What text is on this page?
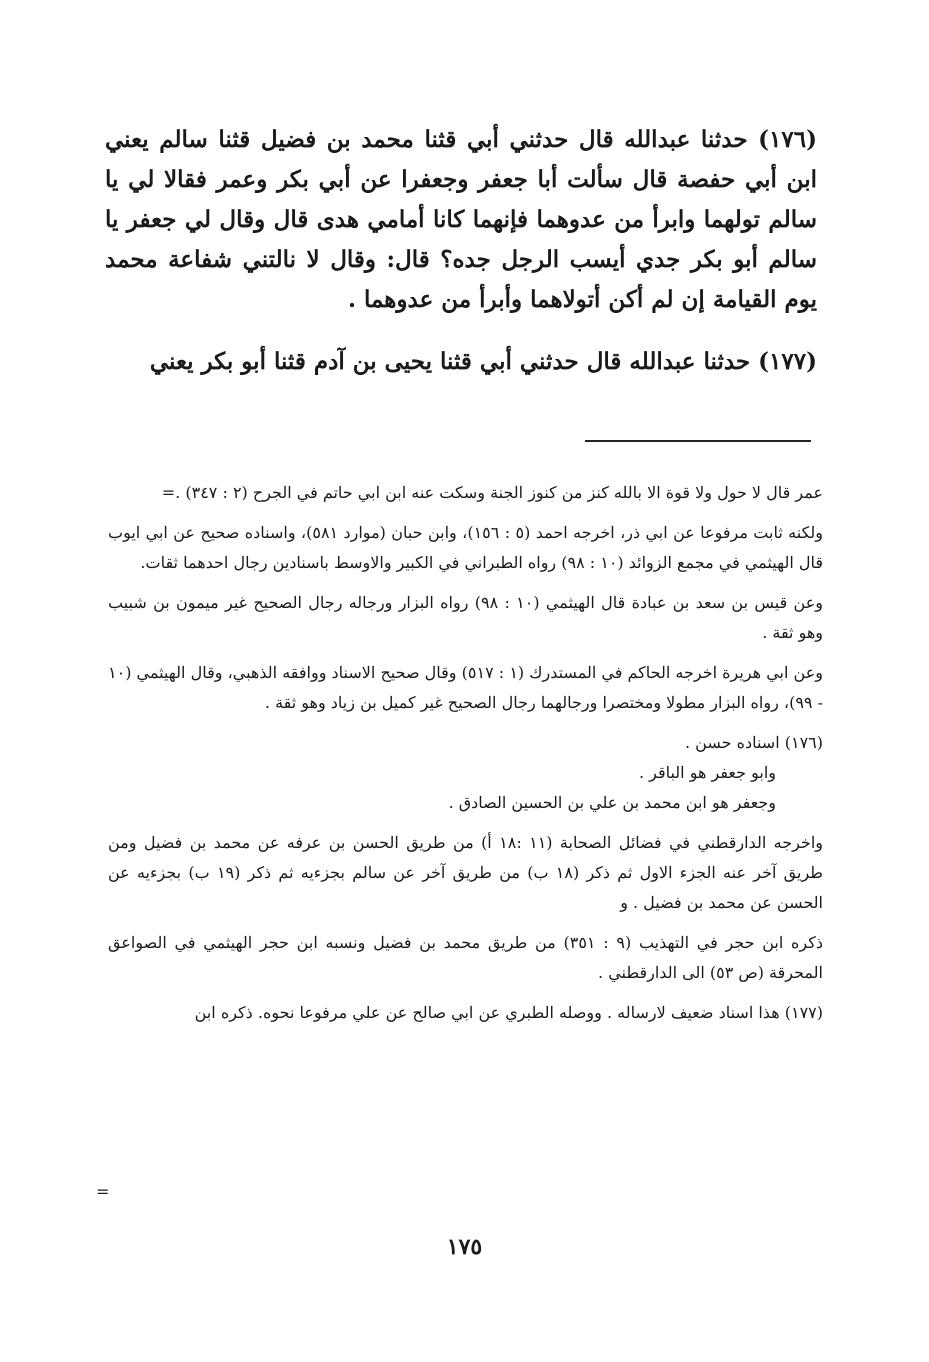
(١٧٦) حدثنا عبدالله قال حدثني أبي قثنا محمد بن فضيل قثنا سالم يعني ابن أبي حفصة قال سألت أبا جعفر وجعفرا عن أبي بكر وعمر فقالا لي يا سالم تولهما وابرأ من عدوهما فإنهما كانا أمامي هدى قال وقال لي جعفر يا سالم أبو بكر جدي أيسب الرجل جده؟ قال: وقال لا نالتني شفاعة محمد يوم القيامة إن لم أكن أتولاهما وأبرأ من عدوهما .

(١٧٧) حدثنا عبدالله قال حدثني أبي قثنا يحيى بن آدم قثنا أبو بكر يعني

عمر قال لا حول ولا قوة الا بالله كنز من كنوز الجنة وسكت عنه ابن ابي حاتم في الجرح (٢ : ٣٤٧) .=

ولكنه ثابت مرفوعا عن ابي ذر، اخرجه احمد (٥ : ١٥٦)، وابن حبان (موارد ٥٨١)، واسناده صحيح عن ابي ايوب قال الهيثمي في مجمع الزوائد (١٠ : ٩٨) رواه الطبراني في الكبير والاوسط باسنادين رجال احدهما ثقات.

وعن قيس بن سعد بن عبادة قال الهيثمي (١٠ : ٩٨) رواه البزار ورجاله رجال الصحيح غير ميمون بن شبيب وهو ثقة .

وعن ابي هريرة اخرجه الحاكم في المستدرك (١ : ٥١٧) وقال صحيح الاسناد ووافقه الذهبي، وقال الهيثمي (١٠ - ٩٩)، رواه البزار مطولا ومختصرا ورجالهما رجال الصحيح غير كميل بن زياد وهو ثقة .

(١٧٦) اسناده حسن .

وابو جعفر هو الباقر .

وجعفر هو ابن محمد بن علي بن الحسين الصادق .

واخرجه الدارقطني في فضائل الصحابة (١١ :١٨ أ) من طريق الحسن بن عرفه عن محمد بن فضيل ومن طريق آخر عنه الجزء الاول ثم ذكر (١٨ ب) من طريق آخر عن سالم بجزءيه ثم ذكر (١٩ ب) بجزءيه عن الحسن عن محمد بن فضيل . و

ذكره ابن حجر في التهذيب (٩ : ٣٥١) من طريق محمد بن فضيل ونسبه ابن حجر الهيثمي في الصواعق المحرقة (ص ٥٣) الى الدارقطني .

(١٧٧) هذا اسناد ضعيف لارساله . ووصله الطبري عن ابي صالح عن علي مرفوعا نحوه. ذكره ابن

=
١٧٥
